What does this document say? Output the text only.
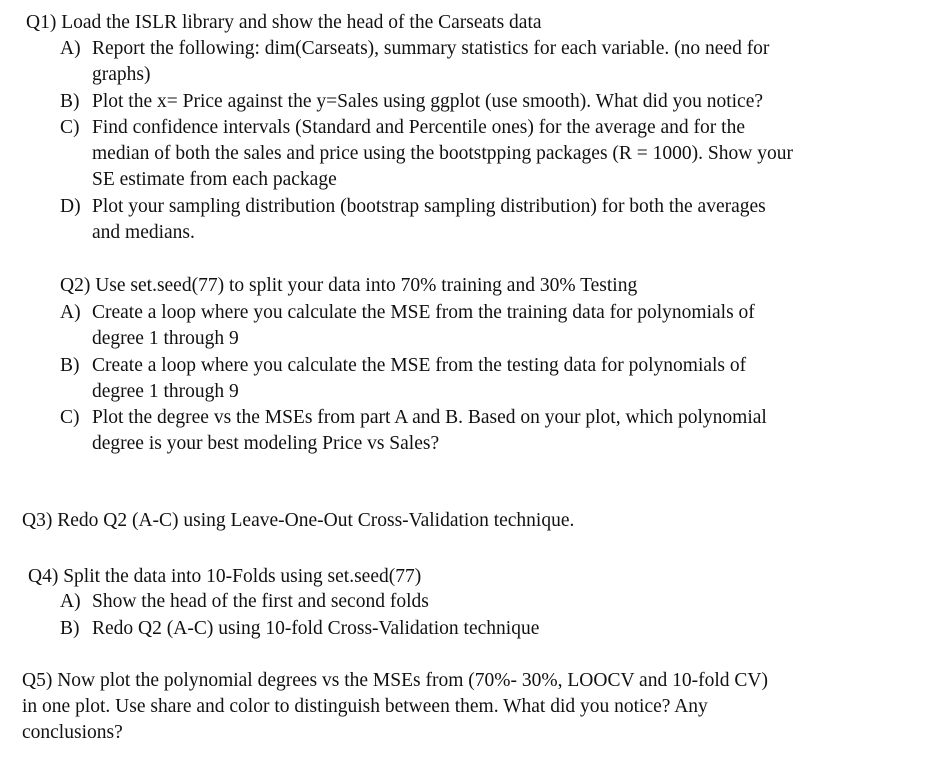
Q1) Load the ISLR library and show the head of the Carseats data
A) Report the following: dim(Carseats), summary statistics for each variable. (no need for
graphs)
B) Plot the x= Price against the y=Sales using ggplot (use smooth). What did you notice?
C) Find confidence intervals (Standard and Percentile ones) for the average and for the
median of both the sales and price using the bootstpping packages (R = 1000). Show your
SE estimate from each package
D) Plot your sampling distribution (bootstrap sampling distribution) for both the averages
and medians.
Q2) Use set.seed(77) to split your data into 70% training and 30% Testing
A) Create a loop where you calculate the MSE from the training data for polynomials of
degree 1 through 9
B) Create a loop where you calculate the MSE from the testing data for polynomials of
degree 1 through 9
C) Plot the degree vs the MSEs from part A and B. Based on your plot, which polynomial
degree is your best modeling Price vs Sales?
Q3) Redo Q2 (A-C) using Leave-One-Out Cross-Validation technique.
Q4) Split the data into 10-Folds using set.seed(77)
A) Show the head of the first and second folds
B) Redo Q2 (A-C) using 10-fold Cross-Validation technique
Q5) Now plot the polynomial degrees vs the MSEs from (70%- 30%, LOOCV and 10-fold CV)
in one plot. Use share and color to distinguish between them. What did you notice? Any
conclusions?
